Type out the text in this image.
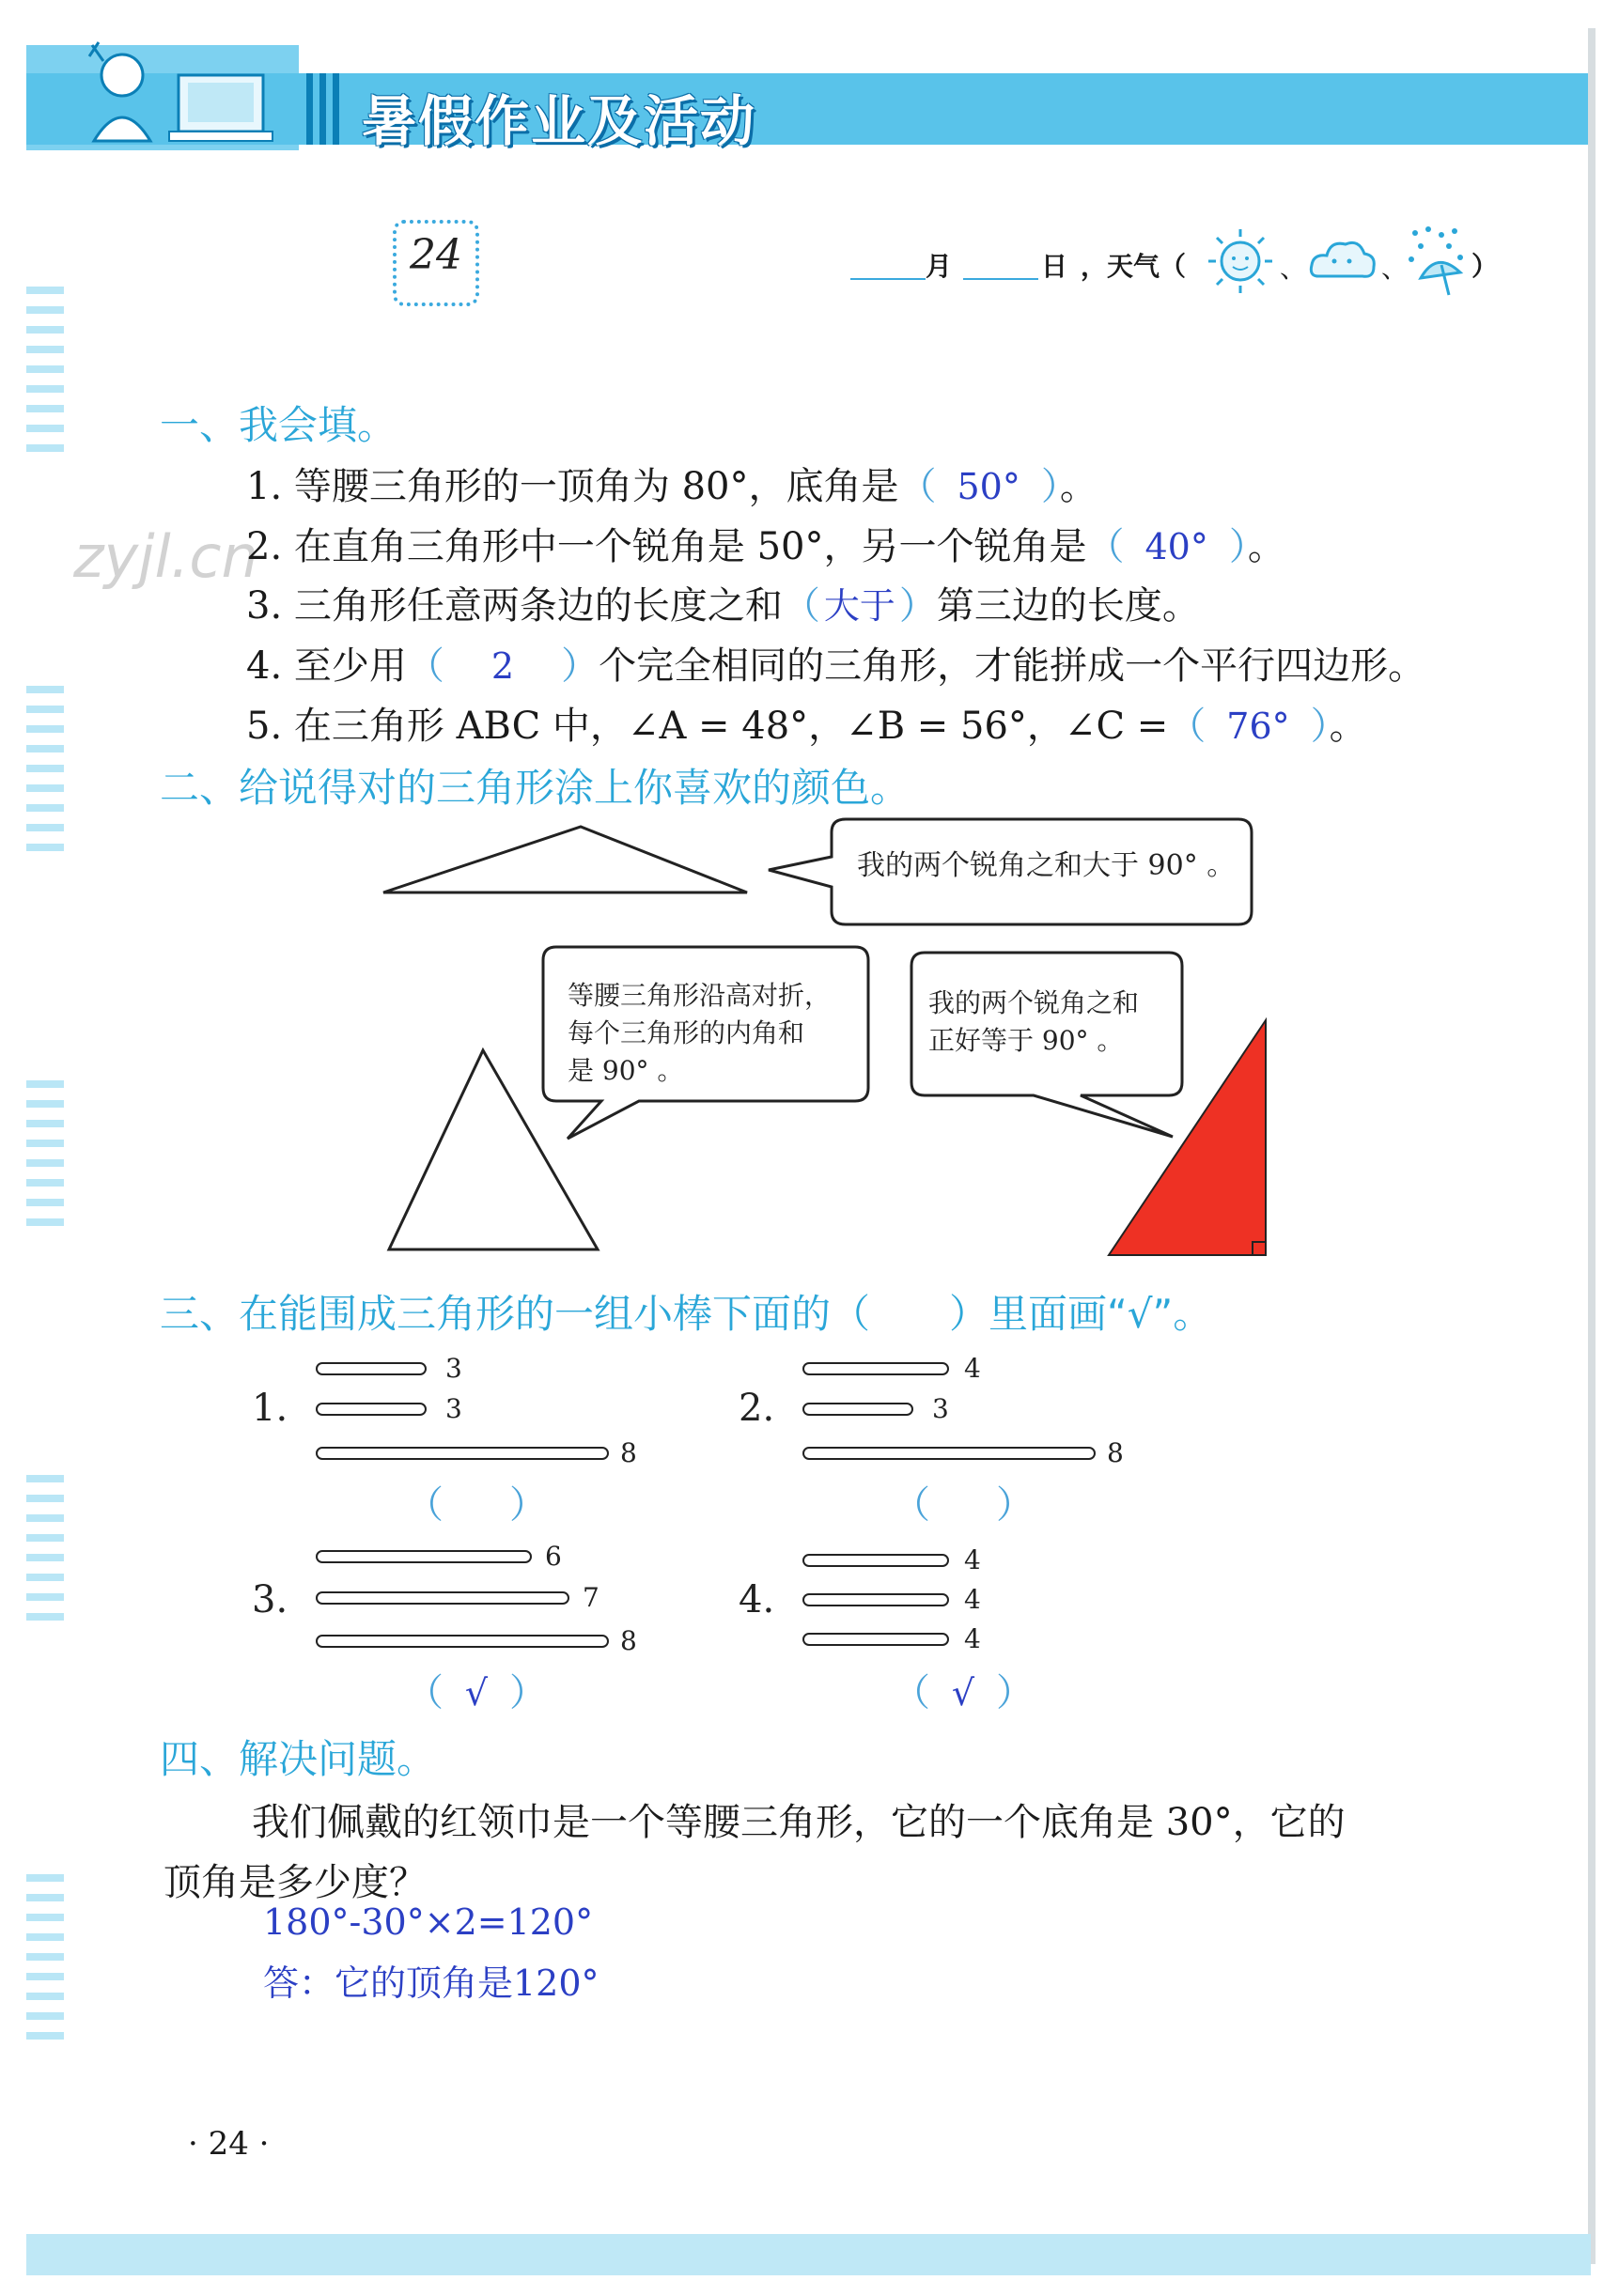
暑假作业及活动
24	月	日 ，天气（	、	、 ）
zyjl.cn
一、我会填。
1. 等腰三角形的一顶角为 80°，底角是（ 50° ）。
2. 在直角三角形中一个锐角是 50°，另一个锐角是（ 40° ）。
3. 三角形任意两条边的长度之和（ 大于 ）第三边的长度。
4. 至少用（ 2 ）个完全相同的三角形，才能拼成一个平行四边形。
5. 在三角形 ABC 中，∠A = 48°，∠B = 56°，∠C =（ 76° ）。
二、给说得对的三角形涂上你喜欢的颜色。
我的两个锐角之和大于 90° 。
等腰三角形沿高对折，
每个三角形的内角和
是 90° 。
我的两个锐角之和
正好等于 90° 。
三、在能围成三角形的一组小棒下面的（　　）里面画“√”。
1.
3
3
8
（ ）
2.
4
3
8
（ ）
3.
6
7
8
（ √ ）
4.
4
4
4
（ √ ）
四、解决问题。
我们佩戴的红领巾是一个等腰三角形，它的一个底角是 30°，它的
顶角是多少度？
180°-30°×2=120°
答：它的顶角是120°
· 24 ·
